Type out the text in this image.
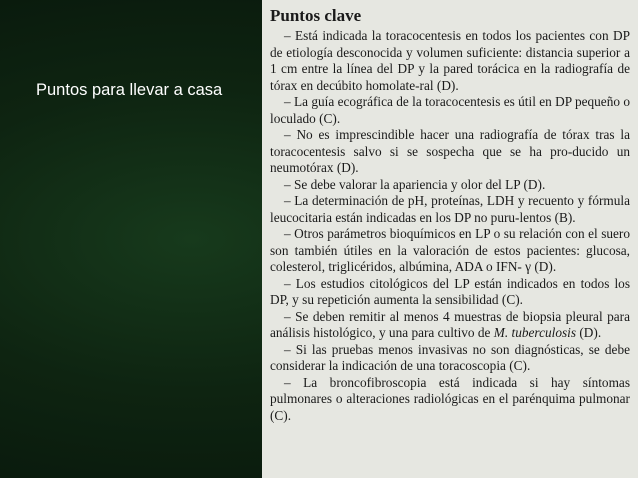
Puntos para llevar a casa
Puntos clave

– Está indicada la toracocentesis en todos los pacientes con DP de etiología desconocida y volumen suficiente: distancia superior a 1 cm entre la línea del DP y la pared torácica en la radiografía de tórax en decúbito homolate-ral (D).

– La guía ecográfica de la toracocentesis es útil en DP pequeño o loculado (C).

– No es imprescindible hacer una radiografía de tórax tras la toracocentesis salvo si se sospecha que se ha pro-ducido un neumotórax (D).

– Se debe valorar la apariencia y olor del LP (D).

– La determinación de pH, proteínas, LDH y recuento y fórmula leucocitaria están indicadas en los DP no puru-lentos (B).

– Otros parámetros bioquímicos en LP o su relación con el suero son también útiles en la valoración de estos pacientes: glucosa, colesterol, triglicéridos, albúmina, ADA o IFN- γ (D).

– Los estudios citológicos del LP están indicados en todos los DP, y su repetición aumenta la sensibilidad (C).

– Se deben remitir al menos 4 muestras de biopsia pleural para análisis histológico, y una para cultivo de M. tuberculosis (D).

– Si las pruebas menos invasivas no son diagnósticas, se debe considerar la indicación de una toracoscopia (C).

– La broncofibroscopia está indicada si hay síntomas pulmonares o alteraciones radiológicas en el parénquima pulmonar (C).
